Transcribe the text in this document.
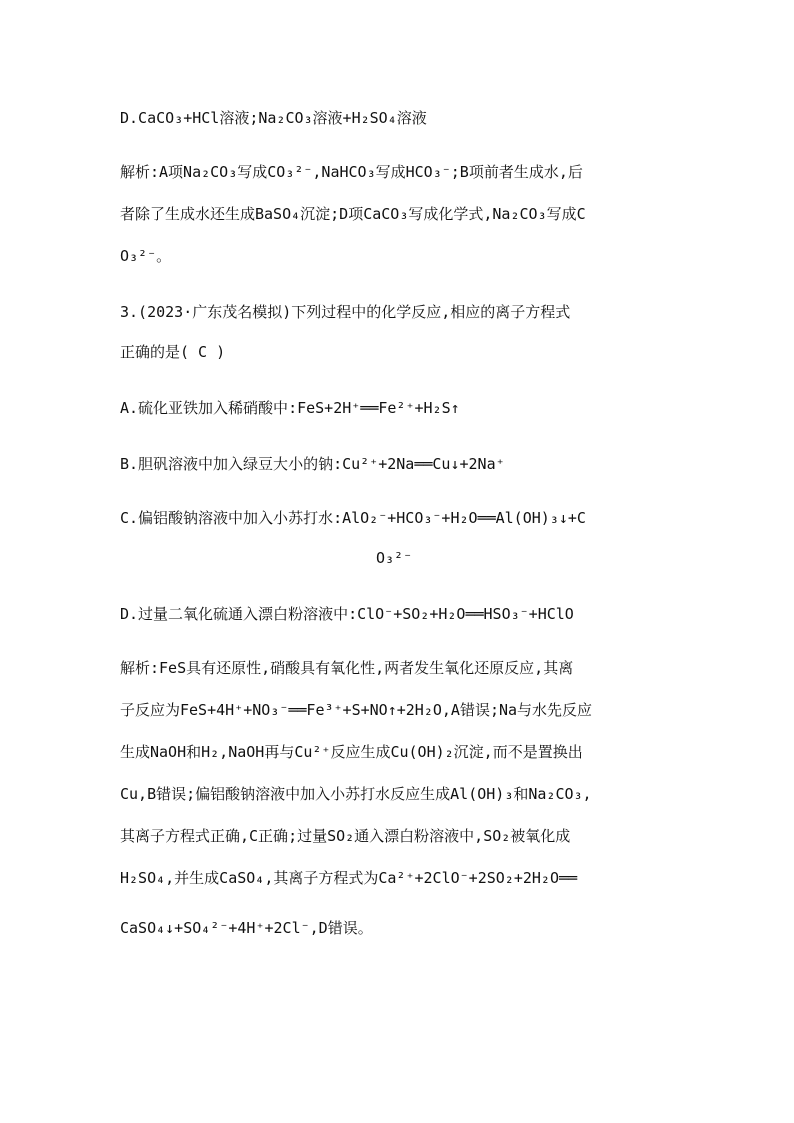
D.CaCO₃+HCl溶液;Na₂CO₃溶液+H₂SO₄溶液
解析:A项Na₂CO₃写成CO₃²⁻,NaHCO₃写成HCO₃⁻;B项前者生成水,后
者除了生成水还生成BaSO₄沉淀;D项CaCO₃写成化学式,Na₂CO₃写成C
O₃²⁻。
3.(2023·广东茂名模拟)下列过程中的化学反应,相应的离子方程式
正确的是( C )
A.硫化亚铁加入稀硝酸中:FeS+2H⁺══Fe²⁺+H₂S↑
B.胆矾溶液中加入绿豆大小的钠:Cu²⁺+2Na══Cu↓+2Na⁺
C.偏铝酸钠溶液中加入小苏打水:AlO₂⁻+HCO₃⁻+H₂O══Al(OH)₃↓+C
O₃²⁻
D.过量二氧化硫通入漂白粉溶液中:ClO⁻+SO₂+H₂O══HSO₃⁻+HClO
解析:FeS具有还原性,硝酸具有氧化性,两者发生氧化还原反应,其离
子反应为FeS+4H⁺+NO₃⁻══Fe³⁺+S+NO↑+2H₂O,A错误;Na与水先反应
生成NaOH和H₂,NaOH再与Cu²⁺反应生成Cu(OH)₂沉淀,而不是置换出
Cu,B错误;偏铝酸钠溶液中加入小苏打水反应生成Al(OH)₃和Na₂CO₃,
其离子方程式正确,C正确;过量SO₂通入漂白粉溶液中,SO₂被氧化成
H₂SO₄,并生成CaSO₄,其离子方程式为Ca²⁺+2ClO⁻+2SO₂+2H₂O══
CaSO₄↓+SO₄²⁻+4H⁺+2Cl⁻,D错误。
